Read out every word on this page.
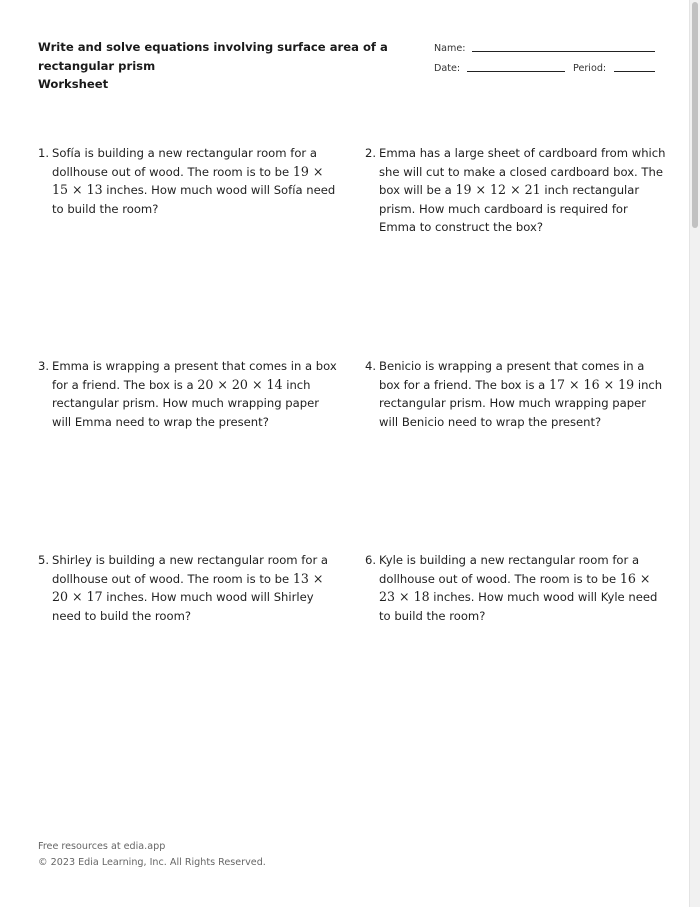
Write and solve equations involving surface area of a
rectangular prism
Worksheet
Name:
Date:	Period:
1. Sofía is building a new rectangular room for a
dollhouse out of wood. The room is to be 19 ×
15 × 13 inches. How much wood will Sofía need
to build the room?
2. Emma has a large sheet of cardboard from which
she will cut to make a closed cardboard box. The
box will be a 19 × 12 × 21 inch rectangular
prism. How much cardboard is required for
Emma to construct the box?
3. Emma is wrapping a present that comes in a box
for a friend. The box is a 20 × 20 × 14 inch
rectangular prism. How much wrapping paper
will Emma need to wrap the present?
4. Benicio is wrapping a present that comes in a
box for a friend. The box is a 17 × 16 × 19 inch
rectangular prism. How much wrapping paper
will Benicio need to wrap the present?
5. Shirley is building a new rectangular room for a
dollhouse out of wood. The room is to be 13 ×
20 × 17 inches. How much wood will Shirley
need to build the room?
6. Kyle is building a new rectangular room for a
dollhouse out of wood. The room is to be 16 ×
23 × 18 inches. How much wood will Kyle need
to build the room?
Free resources at edia.app
© 2023 Edia Learning, Inc. All Rights Reserved.
